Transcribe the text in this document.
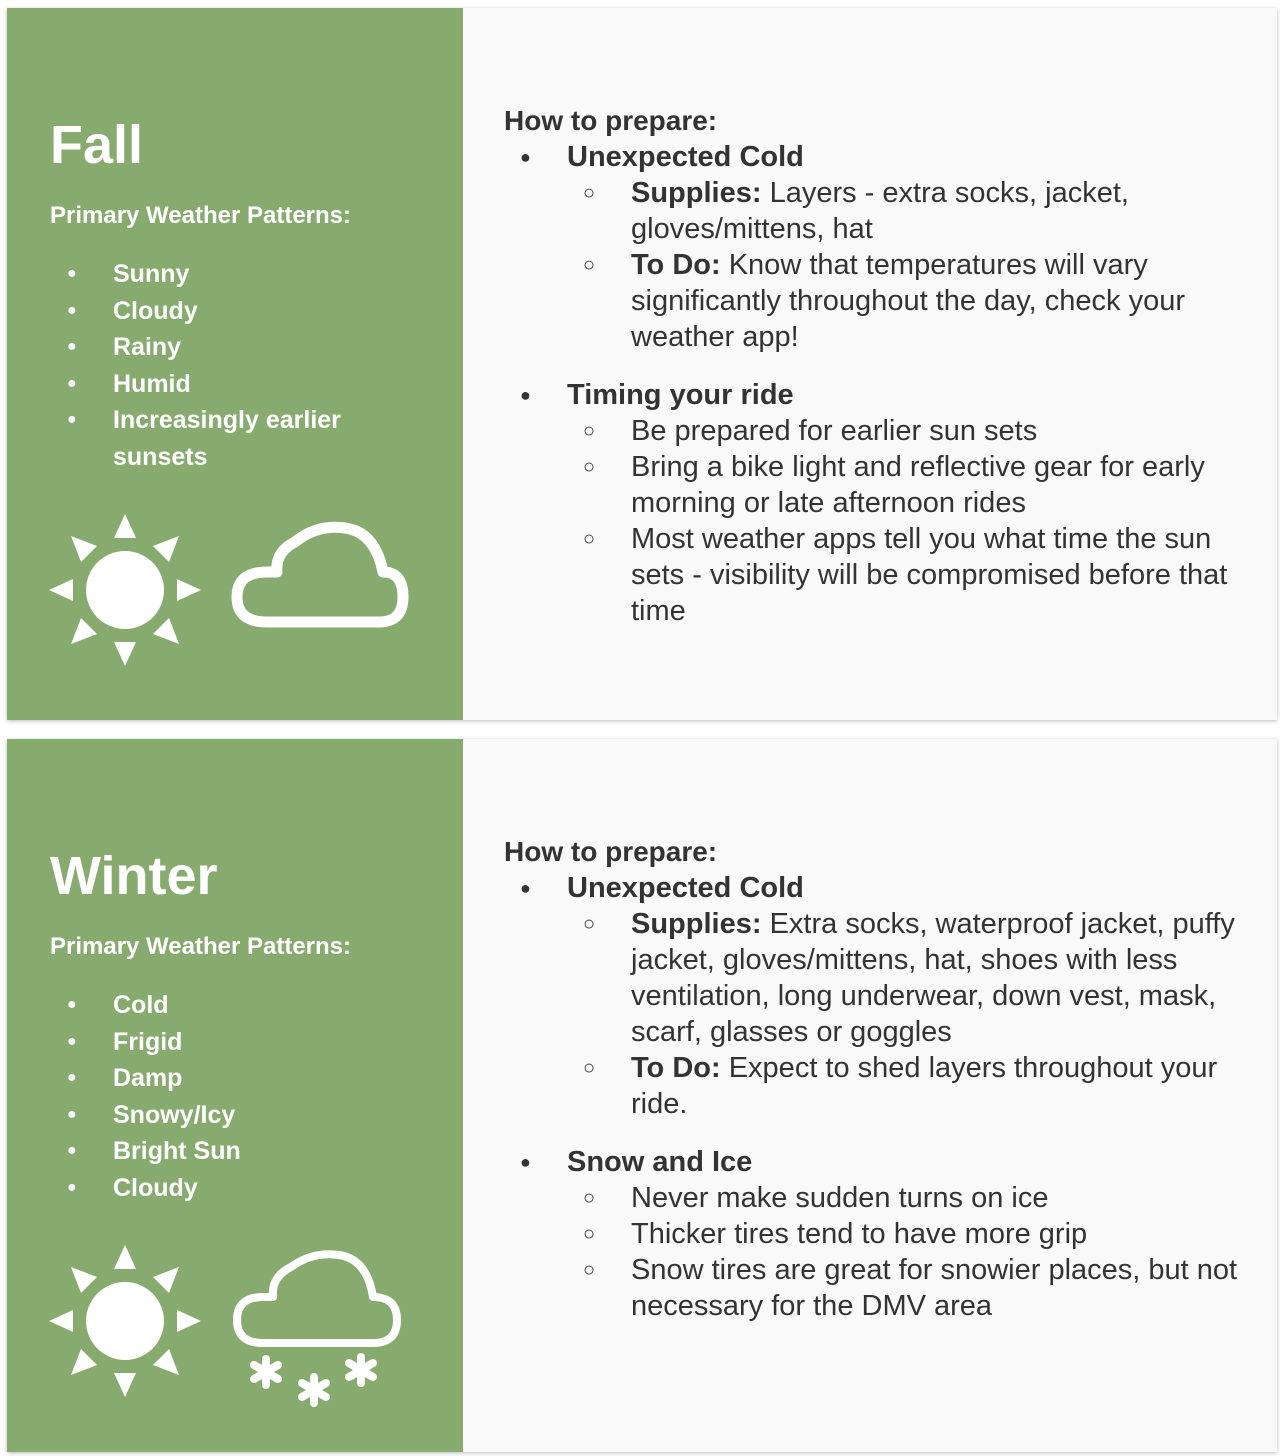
Fall
Primary Weather Patterns:
● Sunny
● Cloudy
● Rainy
● Humid
● Increasingly earlier sunsets
How to prepare:
● Unexpected Cold
○ Supplies: Layers - extra socks, jacket, gloves/mittens, hat
○ To Do: Know that temperatures will vary significantly throughout the day, check your weather app!
● Timing your ride
○ Be prepared for earlier sun sets
○ Bring a bike light and reflective gear for early morning or late afternoon rides
○ Most weather apps tell you what time the sun sets - visibility will be compromised before that time
Winter
Primary Weather Patterns:
● Cold
● Frigid
● Damp
● Snowy/Icy
● Bright Sun
● Cloudy
How to prepare:
● Unexpected Cold
○ Supplies: Extra socks, waterproof jacket, puffy jacket, gloves/mittens, hat, shoes with less ventilation, long underwear, down vest, mask, scarf, glasses or goggles
○ To Do: Expect to shed layers throughout your ride.
● Snow and Ice
○ Never make sudden turns on ice
○ Thicker tires tend to have more grip
○ Snow tires are great for snowier places, but not necessary for the DMV area
